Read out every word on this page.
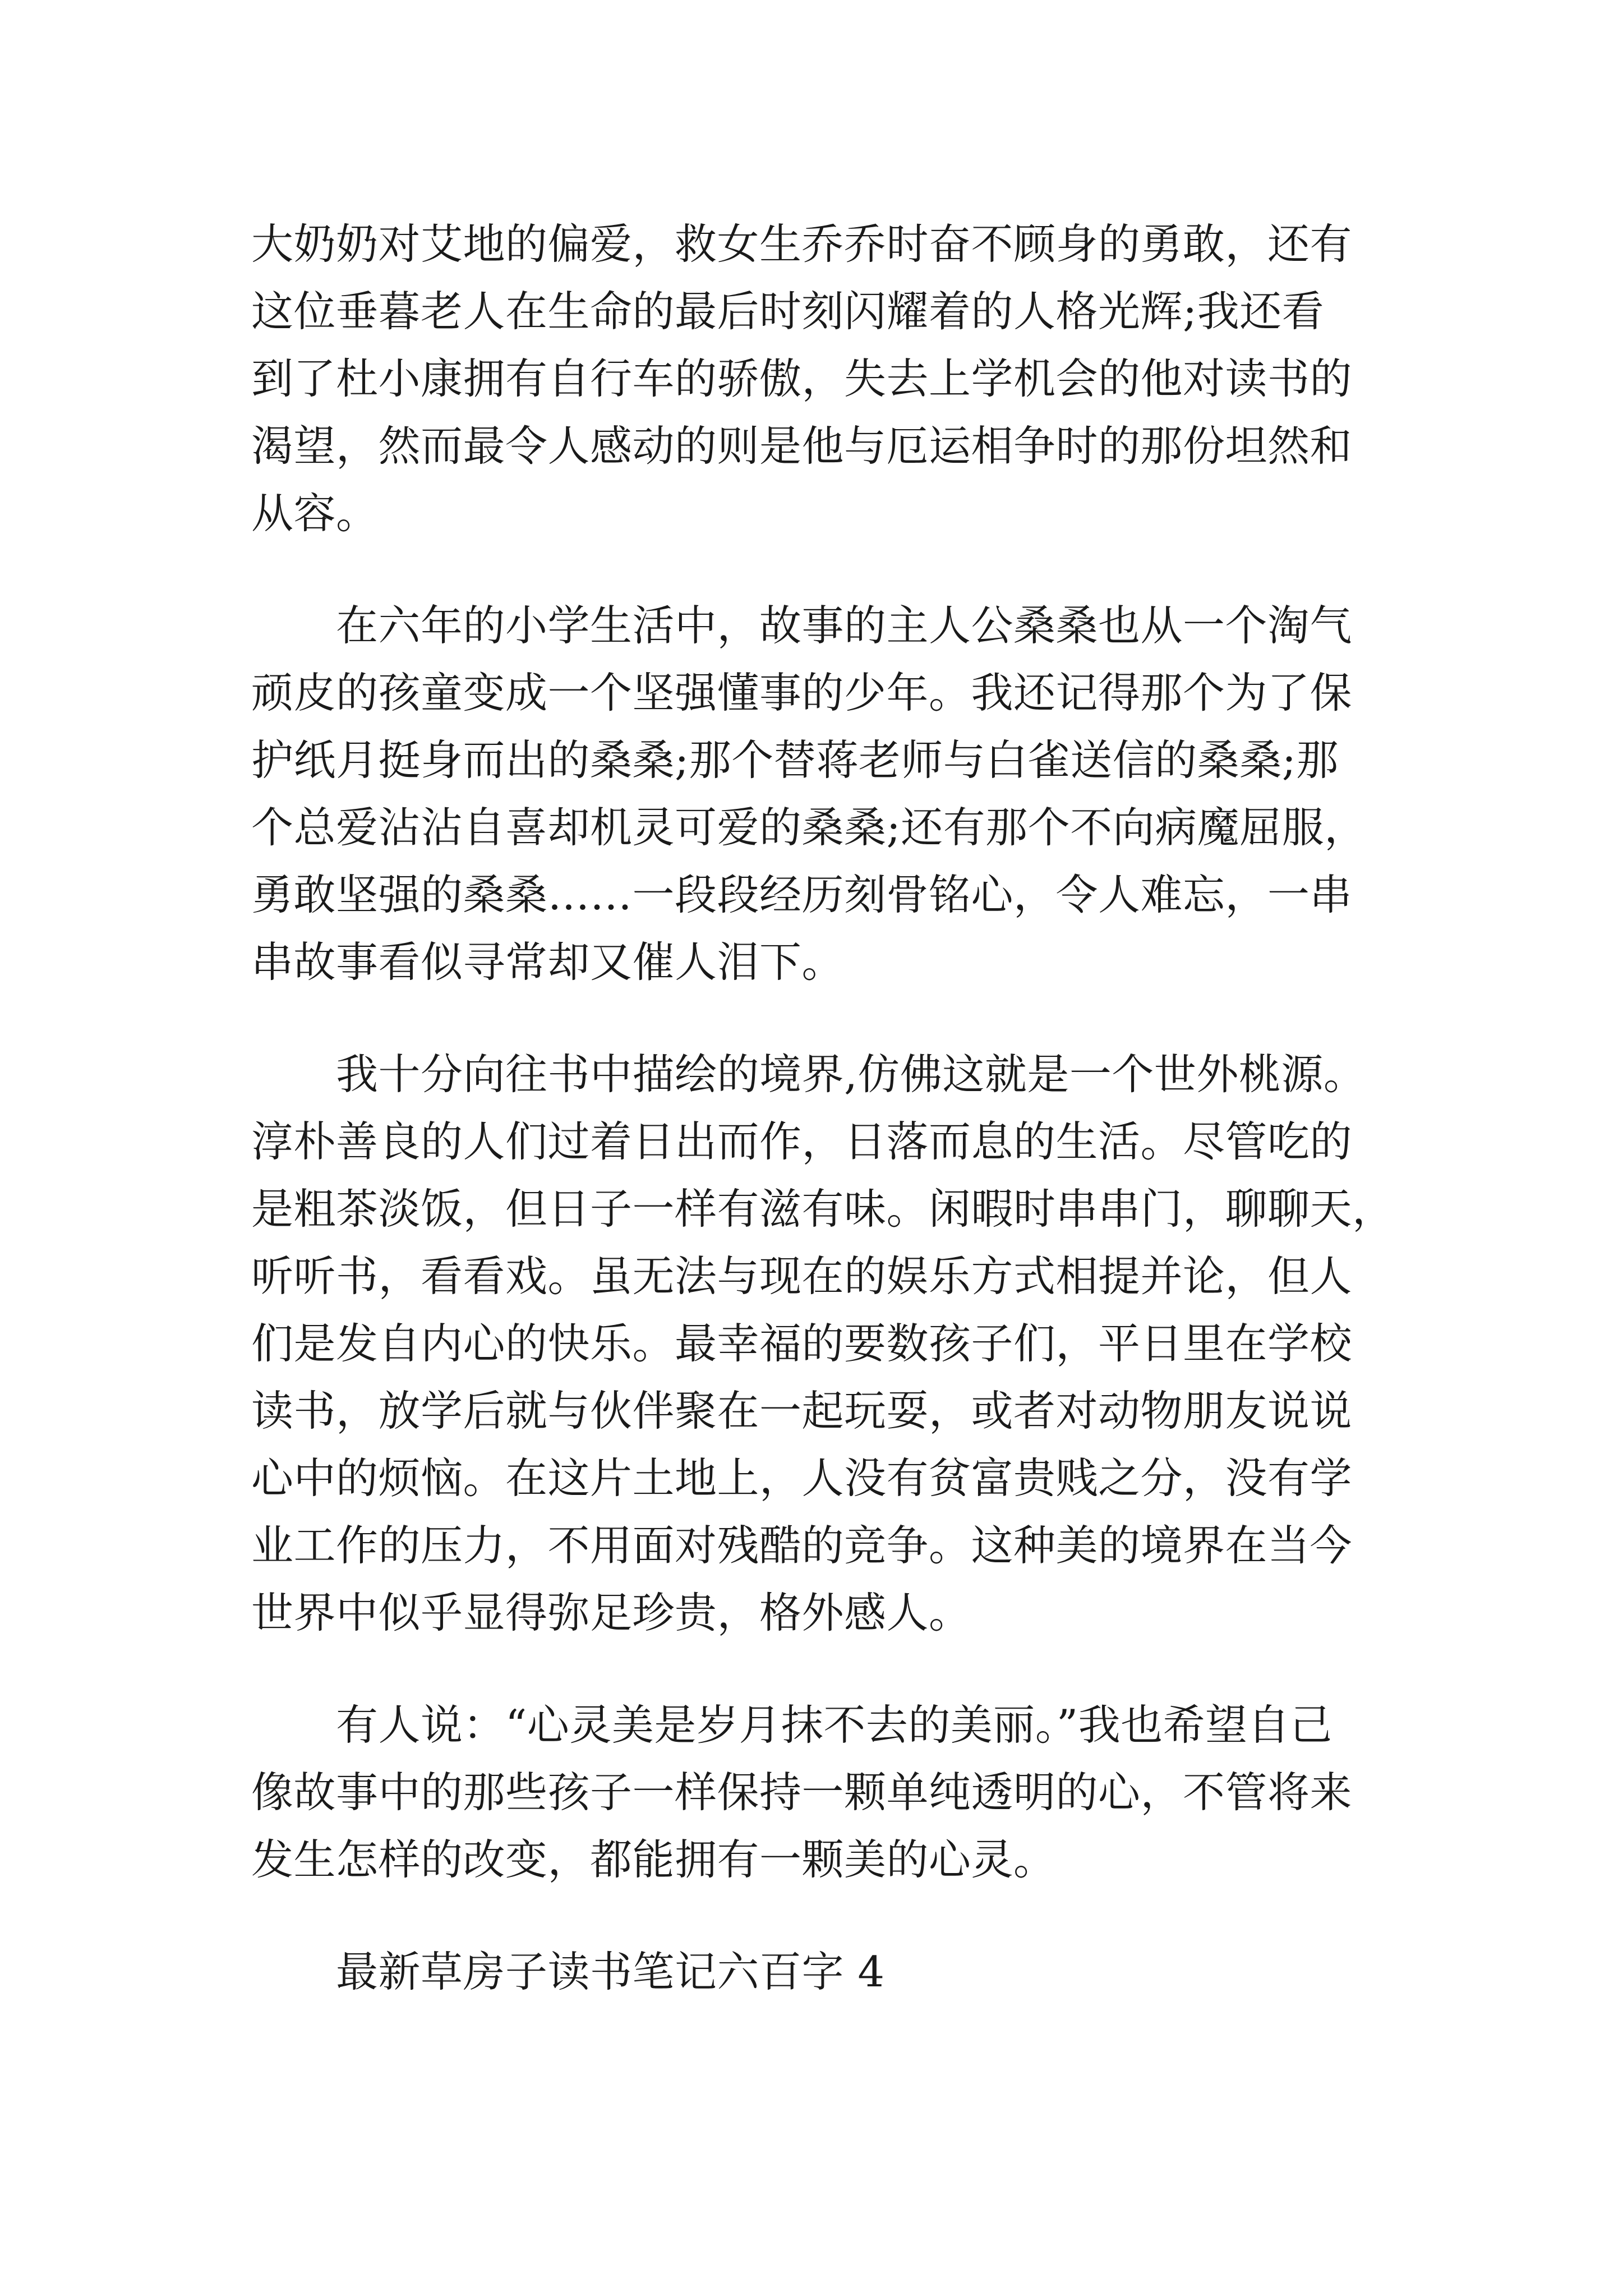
大奶奶对艾地的偏爱，救女生乔乔时奋不顾身的勇敢，还有
这位垂暮老人在生命的最后时刻闪耀着的人格光辉;我还看
到了杜小康拥有自行车的骄傲，失去上学机会的他对读书的
渴望，然而最令人感动的则是他与厄运相争时的那份坦然和
从容。
　　在六年的小学生活中，故事的主人公桑桑也从一个淘气
顽皮的孩童变成一个坚强懂事的少年。我还记得那个为了保
护纸月挺身而出的桑桑;那个替蒋老师与白雀送信的桑桑;那
个总爱沾沾自喜却机灵可爱的桑桑;还有那个不向病魔屈服，
勇敢坚强的桑桑……一段段经历刻骨铭心，令人难忘，一串
串故事看似寻常却又催人泪下。
　　我十分向往书中描绘的境界,仿佛这就是一个世外桃源。
淳朴善良的人们过着日出而作，日落而息的生活。尽管吃的
是粗茶淡饭，但日子一样有滋有味。闲暇时串串门，聊聊天，
听听书，看看戏。虽无法与现在的娱乐方式相提并论，但人
们是发自内心的快乐。最幸福的要数孩子们，平日里在学校
读书，放学后就与伙伴聚在一起玩耍，或者对动物朋友说说
心中的烦恼。在这片土地上，人没有贫富贵贱之分，没有学
业工作的压力，不用面对残酷的竞争。这种美的境界在当今
世界中似乎显得弥足珍贵，格外感人。
　　有人说：“心灵美是岁月抹不去的美丽。”我也希望自己
像故事中的那些孩子一样保持一颗单纯透明的心，不管将来
发生怎样的改变，都能拥有一颗美的心灵。
　　最新草房子读书笔记六百字 4
